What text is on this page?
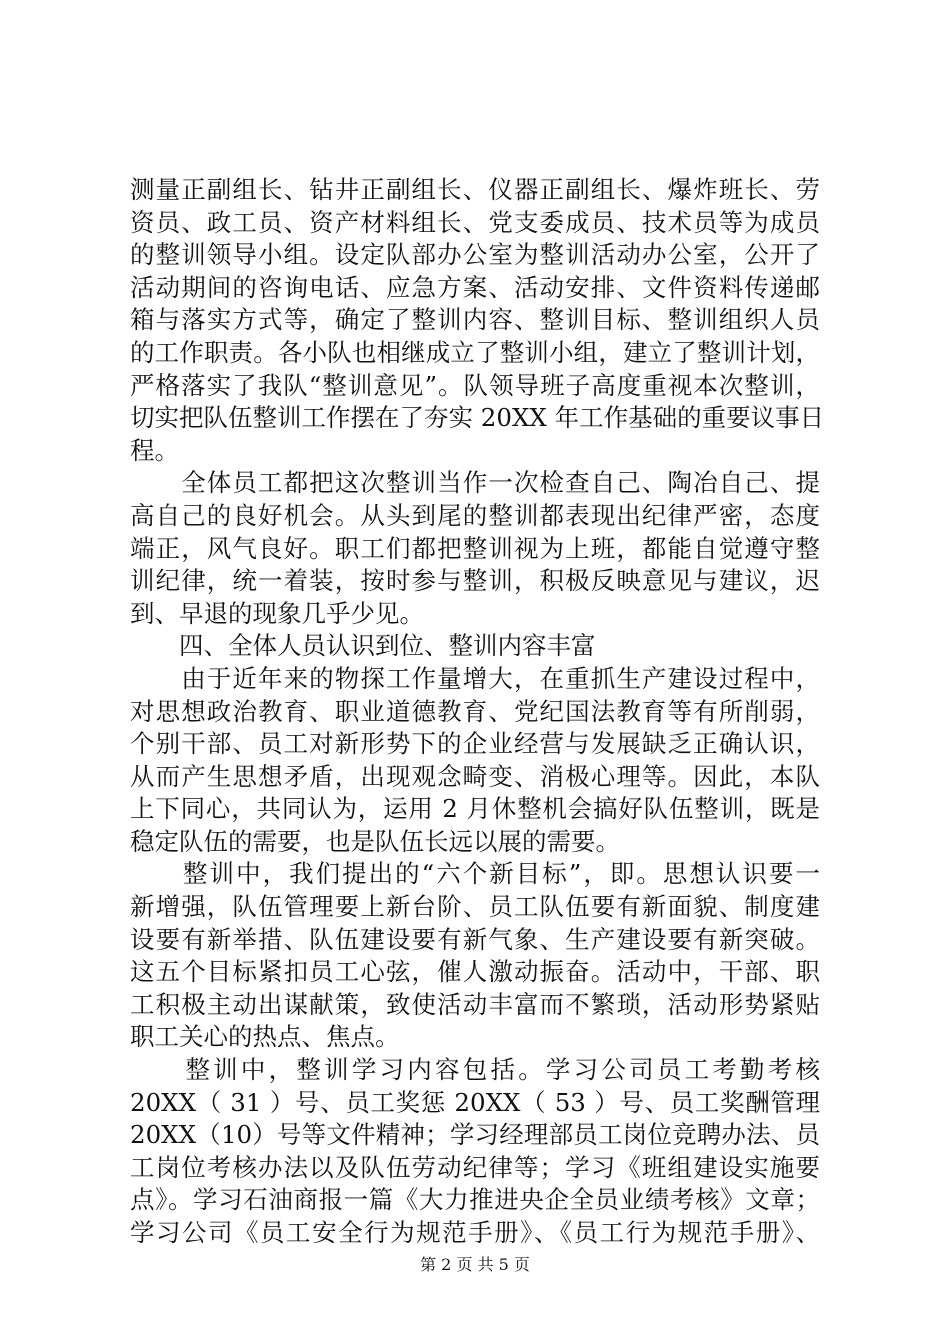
测量正副组长、钻井正副组长、仪器正副组长、爆炸班长、劳
资员、政工员、资产材料组长、党支委成员、技术员等为成员
的整训领导小组。设定队部办公室为整训活动办公室，公开了
活动期间的咨询电话、应急方案、活动安排、文件资料传递邮
箱与落实方式等，确定了整训内容、整训目标、整训组织人员
的工作职责。各小队也相继成立了整训小组，建立了整训计划，
严格落实了我队“整训意见”。队领导班子高度重视本次整训，
切实把队伍整训工作摆在了夯实 20XX 年工作基础的重要议事日
程。
　　全体员工都把这次整训当作一次检查自己、陶冶自己、提
高自己的良好机会。从头到尾的整训都表现出纪律严密，态度
端正，风气良好。职工们都把整训视为上班，都能自觉遵守整
训纪律，统一着装，按时参与整训，积极反映意见与建议，迟
到、早退的现象几乎少见。
　　四、全体人员认识到位、整训内容丰富
　　由于近年来的物探工作量增大，在重抓生产建设过程中，
对思想政治教育、职业道德教育、党纪国法教育等有所削弱，
个别干部、员工对新形势下的企业经营与发展缺乏正确认识，
从而产生思想矛盾，出现观念畸变、消极心理等。因此，本队
上下同心，共同认为，运用 2 月休整机会搞好队伍整训，既是
稳定队伍的需要，也是队伍长远以展的需要。
　　整训中，我们提出的“六个新目标”，即。思想认识要一
新增强，队伍管理要上新台阶、员工队伍要有新面貌、制度建
设要有新举措、队伍建设要有新气象、生产建设要有新突破。
这五个目标紧扣员工心弦，催人激动振奋。活动中，干部、职
工积极主动出谋献策，致使活动丰富而不繁琐，活动形势紧贴
职工关心的热点、焦点。
　　整训中，整训学习内容包括。学习公司员工考勤考核
20XX（ 31 ）号、员工奖惩 20XX（ 53 ）号、员工奖酬管理
20XX（10）号等文件精神；学习经理部员工岗位竞聘办法、员
工岗位考核办法以及队伍劳动纪律等；学习《班组建设实施要
点》。学习石油商报一篇《大力推进央企全员业绩考核》文章；
学习公司《员工安全行为规范手册》、《员工行为规范手册》、
第 2 页 共 5 页
